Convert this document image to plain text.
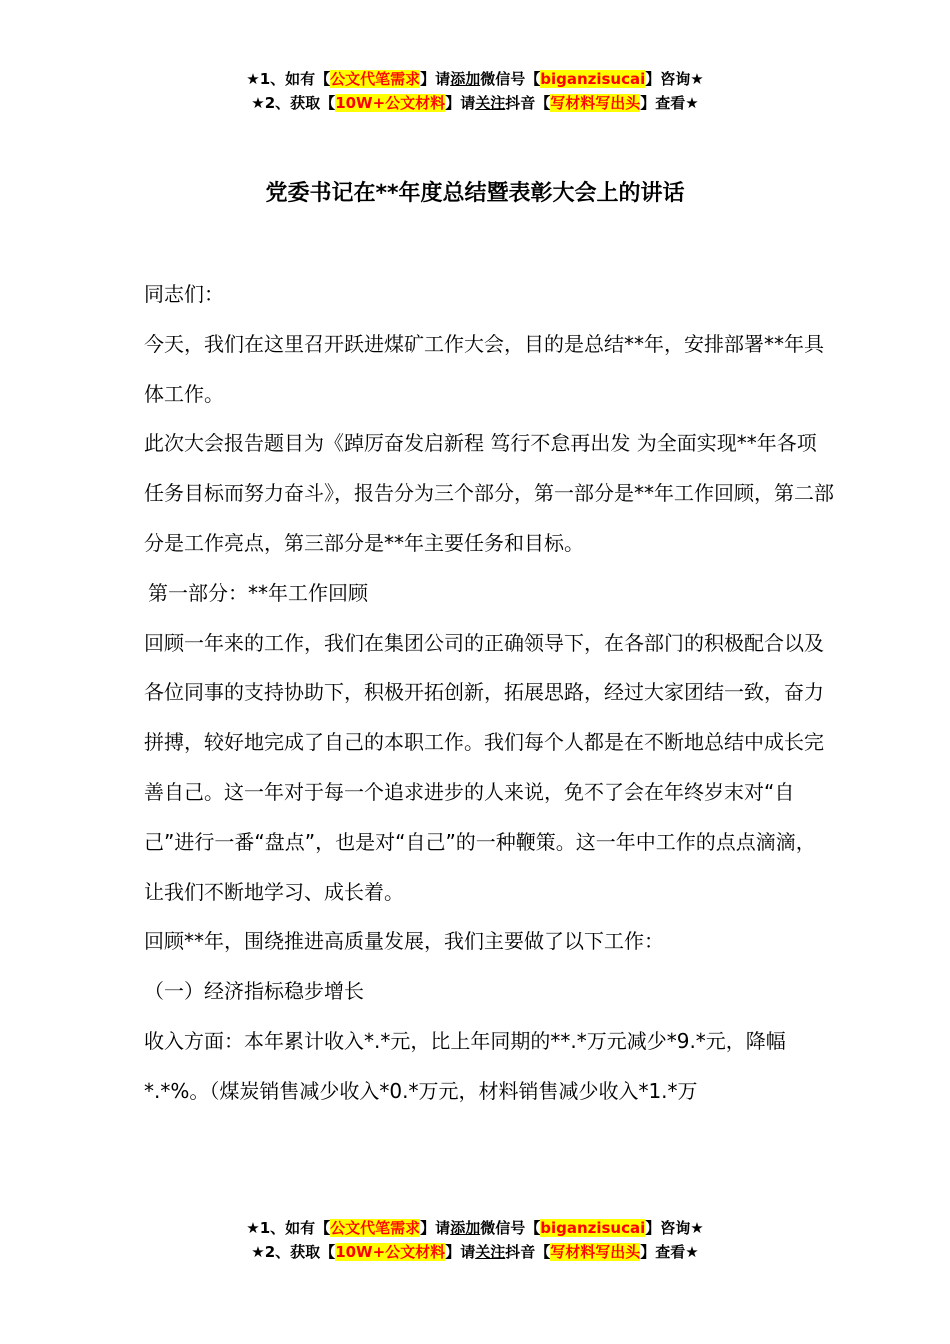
★1、如有【公文代笔需求】请添加微信号【biganzisucai】咨询★
★2、获取【10W+公文材料】请关注抖音【写材料写出头】查看★
党委书记在**年度总结暨表彰大会上的讲话

同志们：

今天，我们在这里召开跃进煤矿工作大会，目的是总结**年，安排部署**年具体工作。

此次大会报告题目为《踔厉奋发启新程 笃行不怠再出发 为全面实现**年各项任务目标而努力奋斗》，报告分为三个部分，第一部分是**年工作回顾，第二部分是工作亮点，第三部分是**年主要任务和目标。

第一部分：**年工作回顾

回顾一年来的工作，我们在集团公司的正确领导下，在各部门的积极配合以及各位同事的支持协助下，积极开拓创新，拓展思路，经过大家团结一致，奋力拼搏，较好地完成了自己的本职工作。我们每个人都是在不断地总结中成长完善自己。这一年对于每一个追求进步的人来说，免不了会在年终岁末对“自己”进行一番“盘点”，也是对“自己”的一种鞭策。这一年中工作的点点滴滴，让我们不断地学习、成长着。

回顾**年，围绕推进高质量发展，我们主要做了以下工作：

（一）经济指标稳步增长

收入方面：本年累计收入*.*元，比上年同期的**.*万元减少*9.*元，降幅*.*%。（煤炭销售减少收入*0.*万元，材料销售减少收入*1.*万

★1、如有【公文代笔需求】请添加微信号【biganzisucai】咨询★
★2、获取【10W+公文材料】请关注抖音【写材料写出头】查看★
